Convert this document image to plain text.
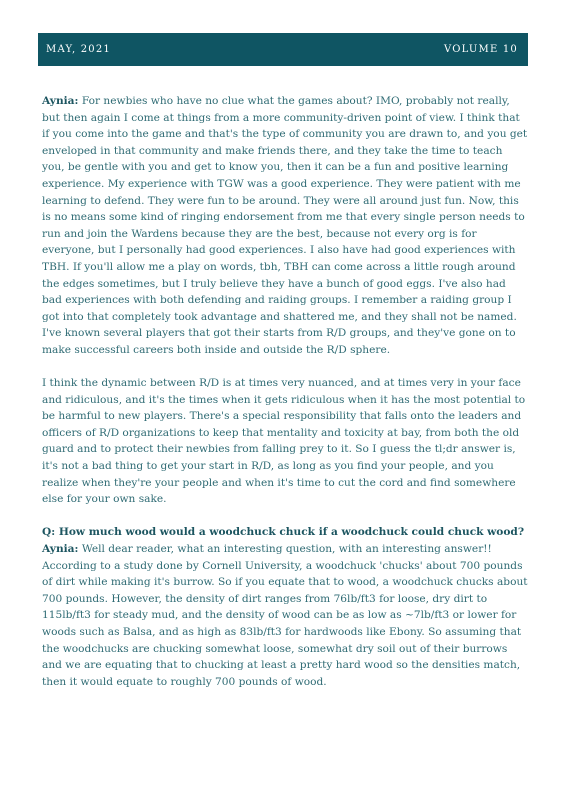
MAY, 2021	VOLUME 10

Aynia: For newbies who have no clue what the games about? IMO, probably not really, but then again I come at things from a more community-driven point of view. I think that if you come into the game and that's the type of community you are drawn to, and you get enveloped in that community and make friends there, and they take the time to teach you, be gentle with you and get to know you, then it can be a fun and positive learning experience. My experience with TGW was a good experience. They were patient with me learning to defend. They were fun to be around. They were all around just fun. Now, this is no means some kind of ringing endorsement from me that every single person needs to run and join the Wardens because they are the best, because not every org is for everyone, but I personally had good experiences. I also have had good experiences with TBH. If you'll allow me a play on words, tbh, TBH can come across a little rough around the edges sometimes, but I truly believe they have a bunch of good eggs. I've also had bad experiences with both defending and raiding groups. I remember a raiding group I got into that completely took advantage and shattered me, and they shall not be named. I've known several players that got their starts from R/D groups, and they've gone on to make successful careers both inside and outside the R/D sphere.

I think the dynamic between R/D is at times very nuanced, and at times very in your face and ridiculous, and it's the times when it gets ridiculous when it has the most potential to be harmful to new players. There's a special responsibility that falls onto the leaders and officers of R/D organizations to keep that mentality and toxicity at bay, from both the old guard and to protect their newbies from falling prey to it. So I guess the tl;dr answer is, it's not a bad thing to get your start in R/D, as long as you find your people, and you realize when they're your people and when it's time to cut the cord and find somewhere else for your own sake.

Q: How much wood would a woodchuck chuck if a woodchuck could chuck wood?

Aynia: Well dear reader, what an interesting question, with an interesting answer!! According to a study done by Cornell University, a woodchuck 'chucks' about 700 pounds of dirt while making it's burrow. So if you equate that to wood, a woodchuck chucks about 700 pounds. However, the density of dirt ranges from 76lb/ft3 for loose, dry dirt to 115lb/ft3 for steady mud, and the density of wood can be as low as ~7lb/ft3 or lower for woods such as Balsa, and as high as 83lb/ft3 for hardwoods like Ebony. So assuming that the woodchucks are chucking somewhat loose, somewhat dry soil out of their burrows and we are equating that to chucking at least a pretty hard wood so the densities match, then it would equate to roughly 700 pounds of wood.
